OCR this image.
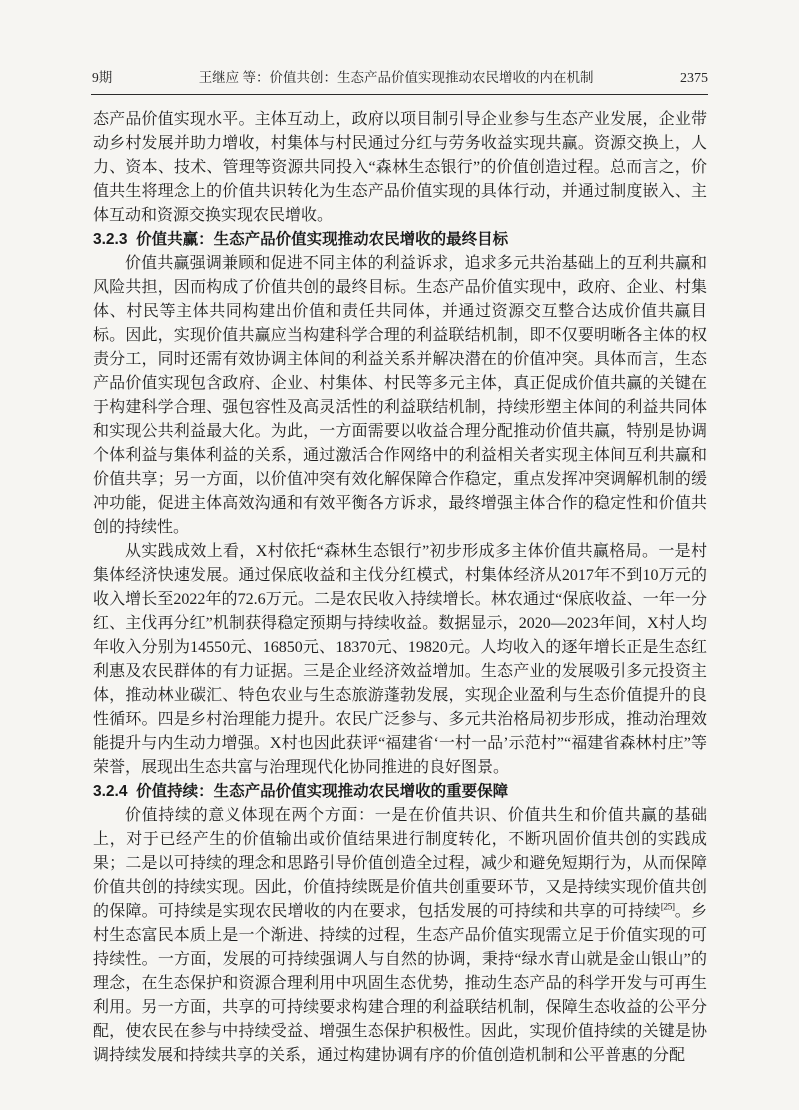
9期	王继应 等：价值共创：生态产品价值实现推动农民增收的内在机制	2375

态产品价值实现水平。主体互动上，政府以项目制引导企业参与生态产业发展，企业带动乡村发展并助力增收，村集体与村民通过分红与劳务收益实现共赢。资源交换上，人力、资本、技术、管理等资源共同投入“森林生态银行”的价值创造过程。总而言之，价值共生将理念上的价值共识转化为生态产品价值实现的具体行动，并通过制度嵌入、主体互动和资源交换实现农民增收。

3.2.3  价值共赢：生态产品价值实现推动农民增收的最终目标

价值共赢强调兼顾和促进不同主体的利益诉求，追求多元共治基础上的互利共赢和风险共担，因而构成了价值共创的最终目标。生态产品价值实现中，政府、企业、村集体、村民等主体共同构建出价值和责任共同体，并通过资源交互整合达成价值共赢目标。因此，实现价值共赢应当构建科学合理的利益联结机制，即不仅要明晰各主体的权责分工，同时还需有效协调主体间的利益关系并解决潜在的价值冲突。具体而言，生态产品价值实现包含政府、企业、村集体、村民等多元主体，真正促成价值共赢的关键在于构建科学合理、强包容性及高灵活性的利益联结机制，持续形塑主体间的利益共同体和实现公共利益最大化。为此，一方面需要以收益合理分配推动价值共赢，特别是协调个体利益与集体利益的关系，通过激活合作网络中的利益相关者实现主体间互利共赢和价值共享；另一方面，以价值冲突有效化解保障合作稳定，重点发挥冲突调解机制的缓冲功能，促进主体高效沟通和有效平衡各方诉求，最终增强主体合作的稳定性和价值共创的持续性。

从实践成效上看，X村依托“森林生态银行”初步形成多主体价值共赢格局。一是村集体经济快速发展。通过保底收益和主伐分红模式，村集体经济从2017年不到10万元的收入增长至2022年的72.6万元。二是农民收入持续增长。林农通过“保底收益、一年一分红、主伐再分红”机制获得稳定预期与持续收益。数据显示，2020—2023年间，X村人均年收入分别为14550元、16850元、18370元、19820元。人均收入的逐年增长正是生态红利惠及农民群体的有力证据。三是企业经济效益增加。生态产业的发展吸引多元投资主体，推动林业碳汇、特色农业与生态旅游蓬勃发展，实现企业盈利与生态价值提升的良性循环。四是乡村治理能力提升。农民广泛参与、多元共治格局初步形成，推动治理效能提升与内生动力增强。X村也因此获评“福建省‘一村一品’示范村”“福建省森林村庄”等荣誉，展现出生态共富与治理现代化协同推进的良好图景。

3.2.4  价值持续：生态产品价值实现推动农民增收的重要保障

价值持续的意义体现在两个方面：一是在价值共识、价值共生和价值共赢的基础上，对于已经产生的价值输出或价值结果进行制度转化，不断巩固价值共创的实践成果；二是以可持续的理念和思路引导价值创造全过程，减少和避免短期行为，从而保障价值共创的持续实现。因此，价值持续既是价值共创重要环节，又是持续实现价值共创的保障。可持续是实现农民增收的内在要求，包括发展的可持续和共享的可持续[25]。乡村生态富民本质上是一个渐进、持续的过程，生态产品价值实现需立足于价值实现的可持续性。一方面，发展的可持续强调人与自然的协调，秉持“绿水青山就是金山银山”的理念，在生态保护和资源合理利用中巩固生态优势，推动生态产品的科学开发与可再生利用。另一方面，共享的可持续要求构建合理的利益联结机制，保障生态收益的公平分配，使农民在参与中持续受益、增强生态保护积极性。因此，实现价值持续的关键是协调持续发展和持续共享的关系，通过构建协调有序的价值创造机制和公平普惠的分配
